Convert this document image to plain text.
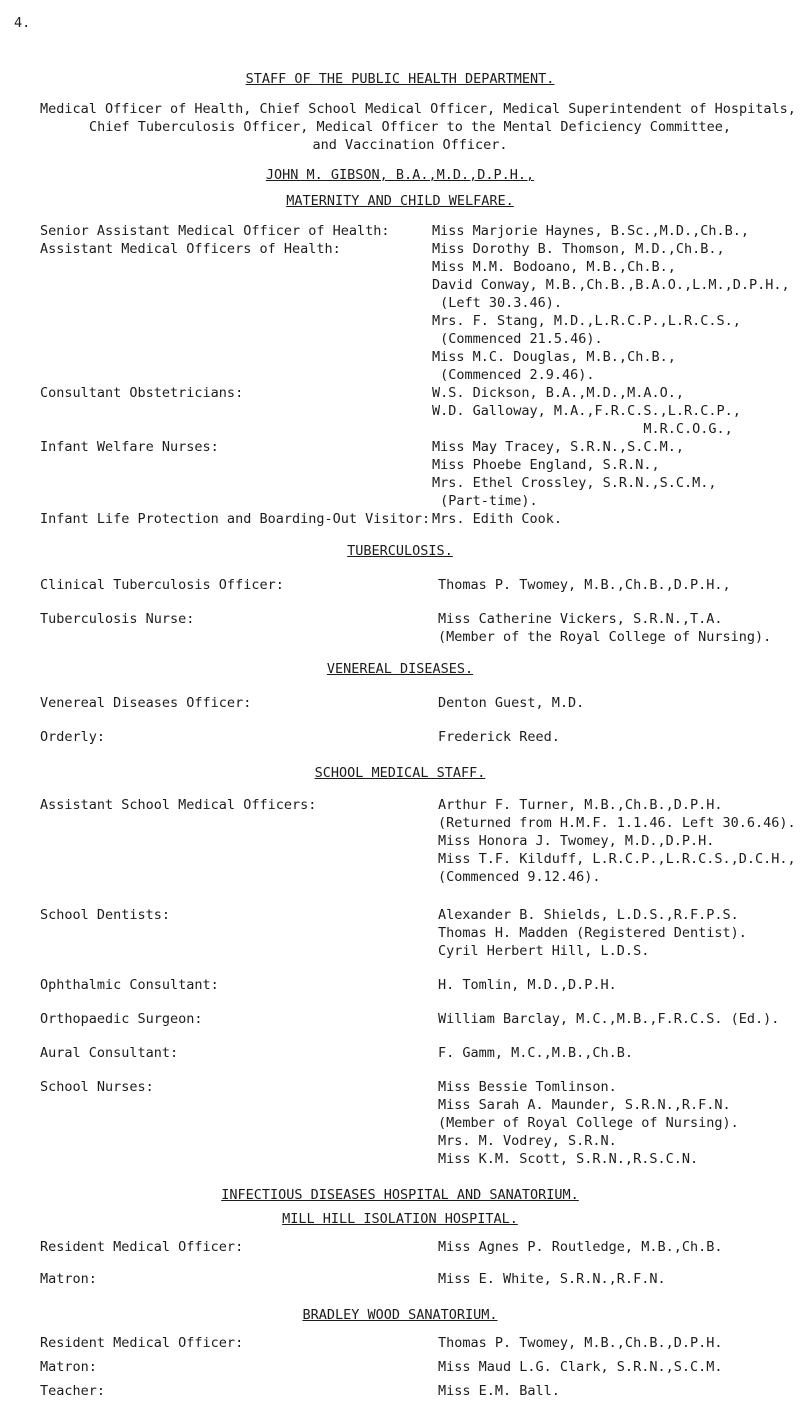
4.
STAFF OF THE PUBLIC HEALTH DEPARTMENT.
Medical Officer of Health, Chief School Medical Officer, Medical Superintendent of Hospitals,
Chief Tuberculosis Officer, Medical Officer to the Mental Deficiency Committee,
and Vaccination Officer.
JOHN M. GIBSON, B.A.,M.D.,D.P.H.,
MATERNITY AND CHILD WELFARE.
Senior Assistant Medical Officer of Health:	Miss Marjorie Haynes, B.Sc.,M.D.,Ch.B.,
Assistant Medical Officers of Health:	Miss Dorothy B. Thomson, M.D.,Ch.B.,
Miss M.M. Bodoano, M.B.,Ch.B.,
David Conway, M.B.,Ch.B.,B.A.O.,L.M.,D.P.H.,
(Left 30.3.46).
Mrs. F. Stang, M.D.,L.R.C.P.,L.R.C.S.,
(Commenced 21.5.46).
Miss M.C. Douglas, M.B.,Ch.B.,
(Commenced 2.9.46).
Consultant Obstetricians:	W.S. Dickson, B.A.,M.D.,M.A.O.,
W.D. Galloway, M.A.,F.R.C.S.,L.R.C.P.,
M.R.C.O.G.,
Infant Welfare Nurses:	Miss May Tracey, S.R.N.,S.C.M.,
Miss Phoebe England, S.R.N.,
Mrs. Ethel Crossley, S.R.N.,S.C.M.,
(Part-time).
Infant Life Protection and Boarding-Out Visitor: Mrs. Edith Cook.
TUBERCULOSIS.
Clinical Tuberculosis Officer:	Thomas P. Twomey, M.B.,Ch.B.,D.P.H.,
Tuberculosis Nurse:	Miss Catherine Vickers, S.R.N.,T.A.
(Member of the Royal College of Nursing).
VENEREAL DISEASES.
Venereal Diseases Officer:	Denton Guest, M.D.
Orderly:	Frederick Reed.
SCHOOL MEDICAL STAFF.
Assistant School Medical Officers:	Arthur F. Turner, M.B.,Ch.B.,D.P.H.
(Returned from H.M.F. 1.1.46. Left 30.6.46).
Miss Honora J. Twomey, M.D.,D.P.H.
Miss T.F. Kilduff, L.R.C.P.,L.R.C.S.,D.C.H.,
(Commenced 9.12.46).
School Dentists:	Alexander B. Shields, L.D.S.,R.F.P.S.
Thomas H. Madden (Registered Dentist).
Cyril Herbert Hill, L.D.S.
Ophthalmic Consultant:	H. Tomlin, M.D.,D.P.H.
Orthopaedic Surgeon:	William Barclay, M.C.,M.B.,F.R.C.S. (Ed.).
Aural Consultant:	F. Gamm, M.C.,M.B.,Ch.B.
School Nurses:	Miss Bessie Tomlinson.
Miss Sarah A. Maunder, S.R.N.,R.F.N.
(Member of Royal College of Nursing).
Mrs. M. Vodrey, S.R.N.
Miss K.M. Scott, S.R.N.,R.S.C.N.
INFECTIOUS DISEASES HOSPITAL AND SANATORIUM.
MILL HILL ISOLATION HOSPITAL.
Resident Medical Officer:	Miss Agnes P. Routledge, M.B.,Ch.B.
Matron:	Miss E. White, S.R.N.,R.F.N.
BRADLEY WOOD SANATORIUM.
Resident Medical Officer:	Thomas P. Twomey, M.B.,Ch.B.,D.P.H.
Matron:	Miss Maud L.G. Clark, S.R.N.,S.C.M.
Teacher:	Miss E.M. Ball.
